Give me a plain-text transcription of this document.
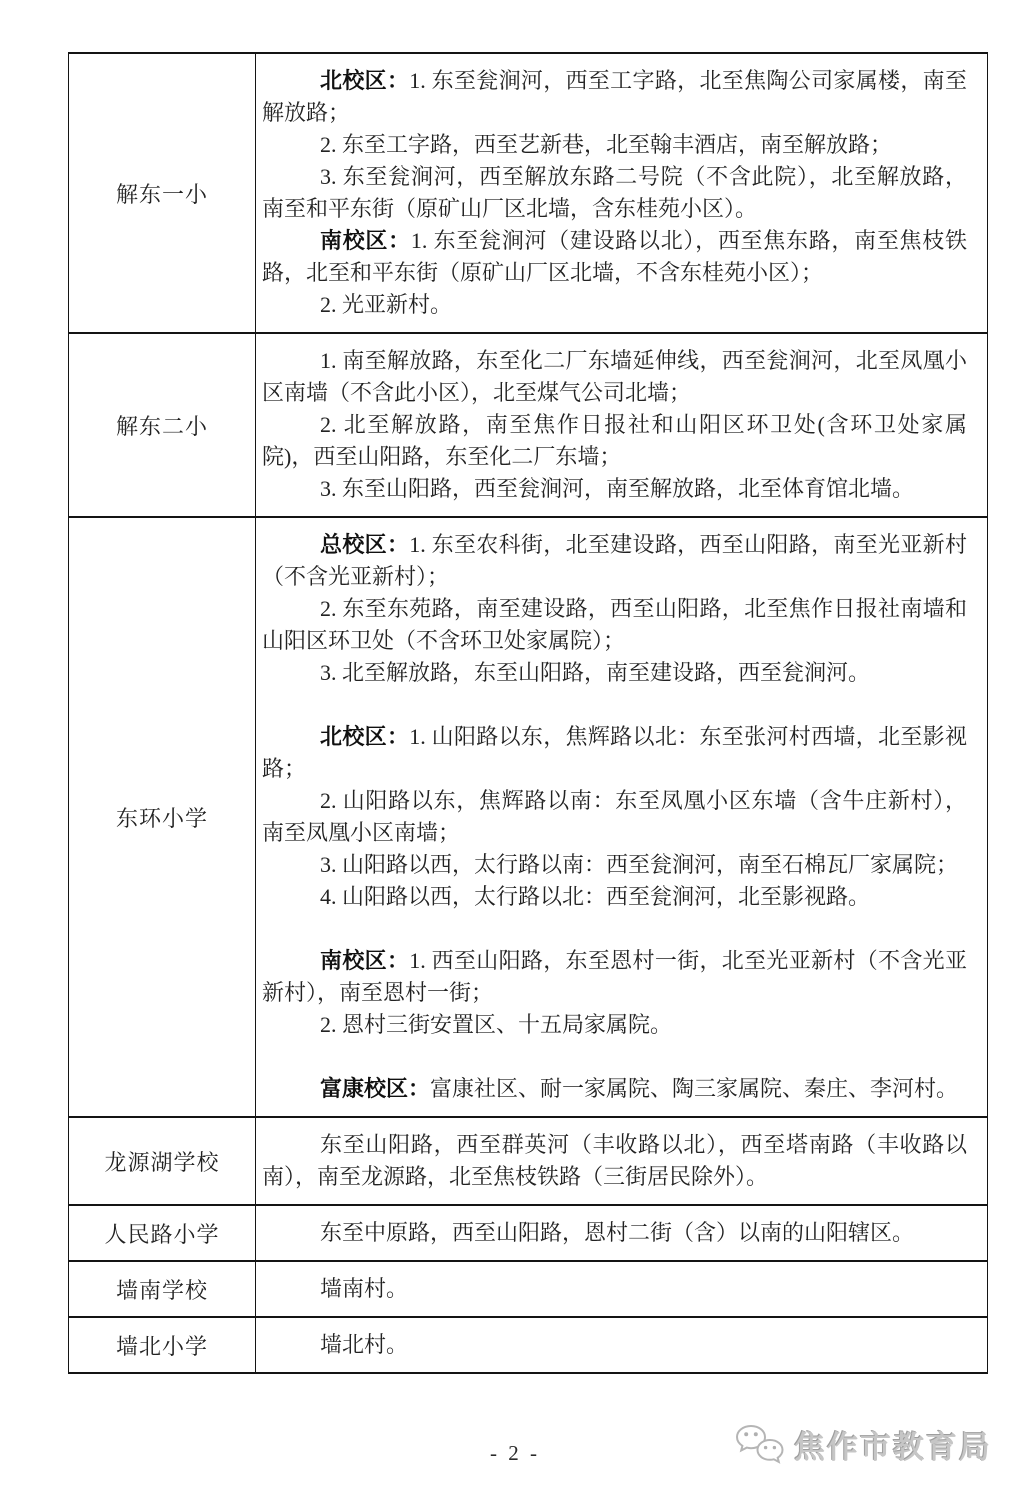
解东一小	北校区：1. 东至瓮涧河，西至工字路，北至焦陶公司家属楼，南至解放路；

2. 东至工字路，西至艺新巷，北至翰丰酒店，南至解放路；

3. 东至瓮涧河，西至解放东路二号院（不含此院），北至解放路，南至和平东街（原矿山厂区北墙，含东桂苑小区）。

南校区：1. 东至瓮涧河（建设路以北），西至焦东路，南至焦枝铁路，北至和平东街（原矿山厂区北墙，不含东桂苑小区）；

2. 光亚新村。

解东二小	1. 南至解放路，东至化二厂东墙延伸线，西至瓮涧河，北至凤凰小区南墙（不含此小区），北至煤气公司北墙；

2. 北至解放路，南至焦作日报社和山阳区环卫处(含环卫处家属院)，西至山阳路，东至化二厂东墙；

3. 东至山阳路，西至瓮涧河，南至解放路，北至体育馆北墙。

东环小学	

总校区：1. 东至农科街，北至建设路，西至山阳路，南至光亚新村（不含光亚新村）；

2. 东至东苑路，南至建设路，西至山阳路，北至焦作日报社南墙和山阳区环卫处（不含环卫处家属院）；

3. 北至解放路，东至山阳路，南至建设路，西至瓮涧河。

北校区：1. 山阳路以东，焦辉路以北：东至张河村西墙，北至影视路；

2. 山阳路以东，焦辉路以南：东至凤凰小区东墙（含牛庄新村），南至凤凰小区南墙；

3. 山阳路以西，太行路以南：西至瓮涧河，南至石棉瓦厂家属院；

4. 山阳路以西，太行路以北：西至瓮涧河，北至影视路。

南校区：1. 西至山阳路，东至恩村一街，北至光亚新村（不含光亚新村），南至恩村一街；

2. 恩村三街安置区、十五局家属院。

富康校区：富康社区、耐一家属院、陶三家属院、秦庄、李河村。

龙源湖学校	东至山阳路，西至群英河（丰收路以北），西至塔南路（丰收路以南），南至龙源路，北至焦枝铁路（三街居民除外）。

人民路小学	东至中原路，西至山阳路，恩村二街（含）以南的山阳辖区。

墙南学校	墙南村。

墙北小学	墙北村。

- 2 -	焦作市教育局
